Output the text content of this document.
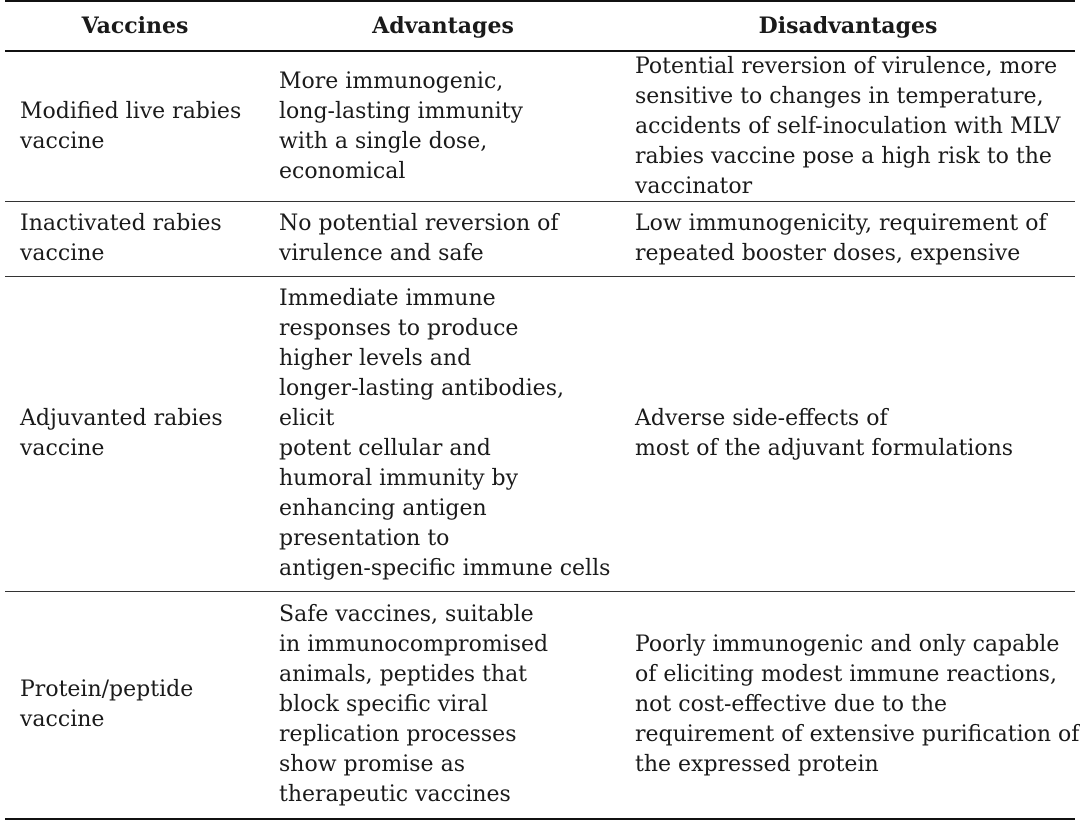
Vaccines	Advantages	Disadvantages
Modified live rabies
vaccine
More immunogenic,
long-lasting immunity
with a single dose,
economical
Potential reversion of virulence, more
sensitive to changes in temperature,
accidents of self-inoculation with MLV
rabies vaccine pose a high risk to the
vaccinator
Inactivated rabies
vaccine
No potential reversion of
virulence and safe
Low immunogenicity, requirement of
repeated booster doses, expensive
Adjuvanted rabies
vaccine
Immediate immune
responses to produce
higher levels and
longer-lasting antibodies,
elicit
potent cellular and
humoral immunity by
enhancing antigen
presentation to
antigen-specific immune cells
Adverse side-effects of
most of the adjuvant formulations
Protein/peptide
vaccine
Safe vaccines, suitable
in immunocompromised
animals, peptides that
block specific viral
replication processes
show promise as
therapeutic vaccines
Poorly immunogenic and only capable
of eliciting modest immune reactions,
not cost-effective due to the
requirement of extensive purification of
the expressed protein
